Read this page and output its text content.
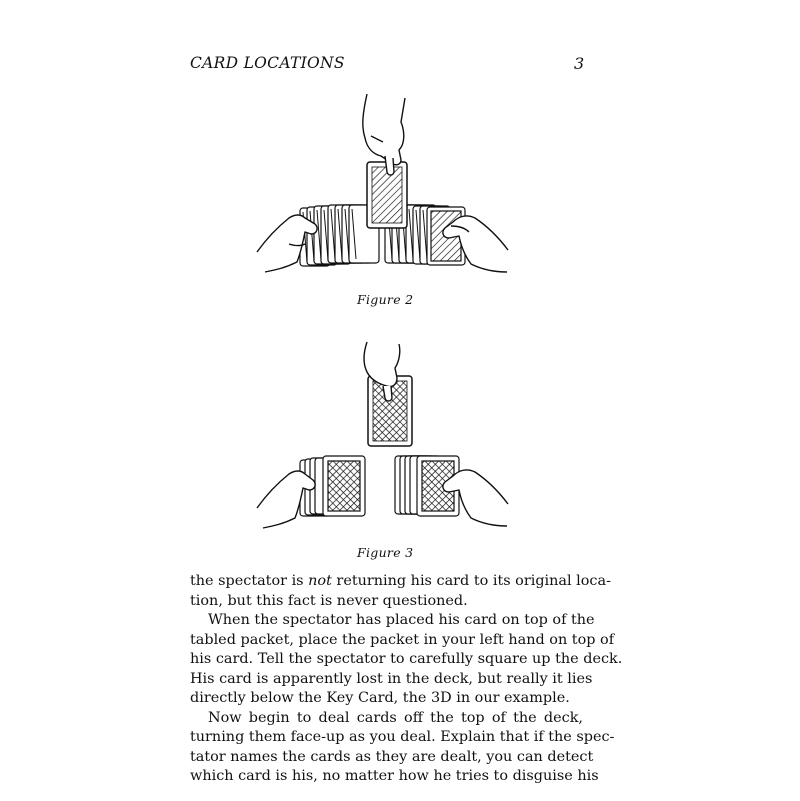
CARD LOCATIONS	3
Figure 2
Figure 3
the spectator is not returning his card to its original loca-
tion, but this fact is never questioned.
When the spectator has placed his card on top of the
tabled packet, place the packet in your left hand on top of
his card. Tell the spectator to carefully square up the deck.
His card is apparently lost in the deck, but really it lies
directly below the Key Card, the 3D in our example.
Now begin to deal cards off the top of the deck,
turning them face-up as you deal. Explain that if the spec-
tator names the cards as they are dealt, you can detect
which card is his, no matter how he tries to disguise his
